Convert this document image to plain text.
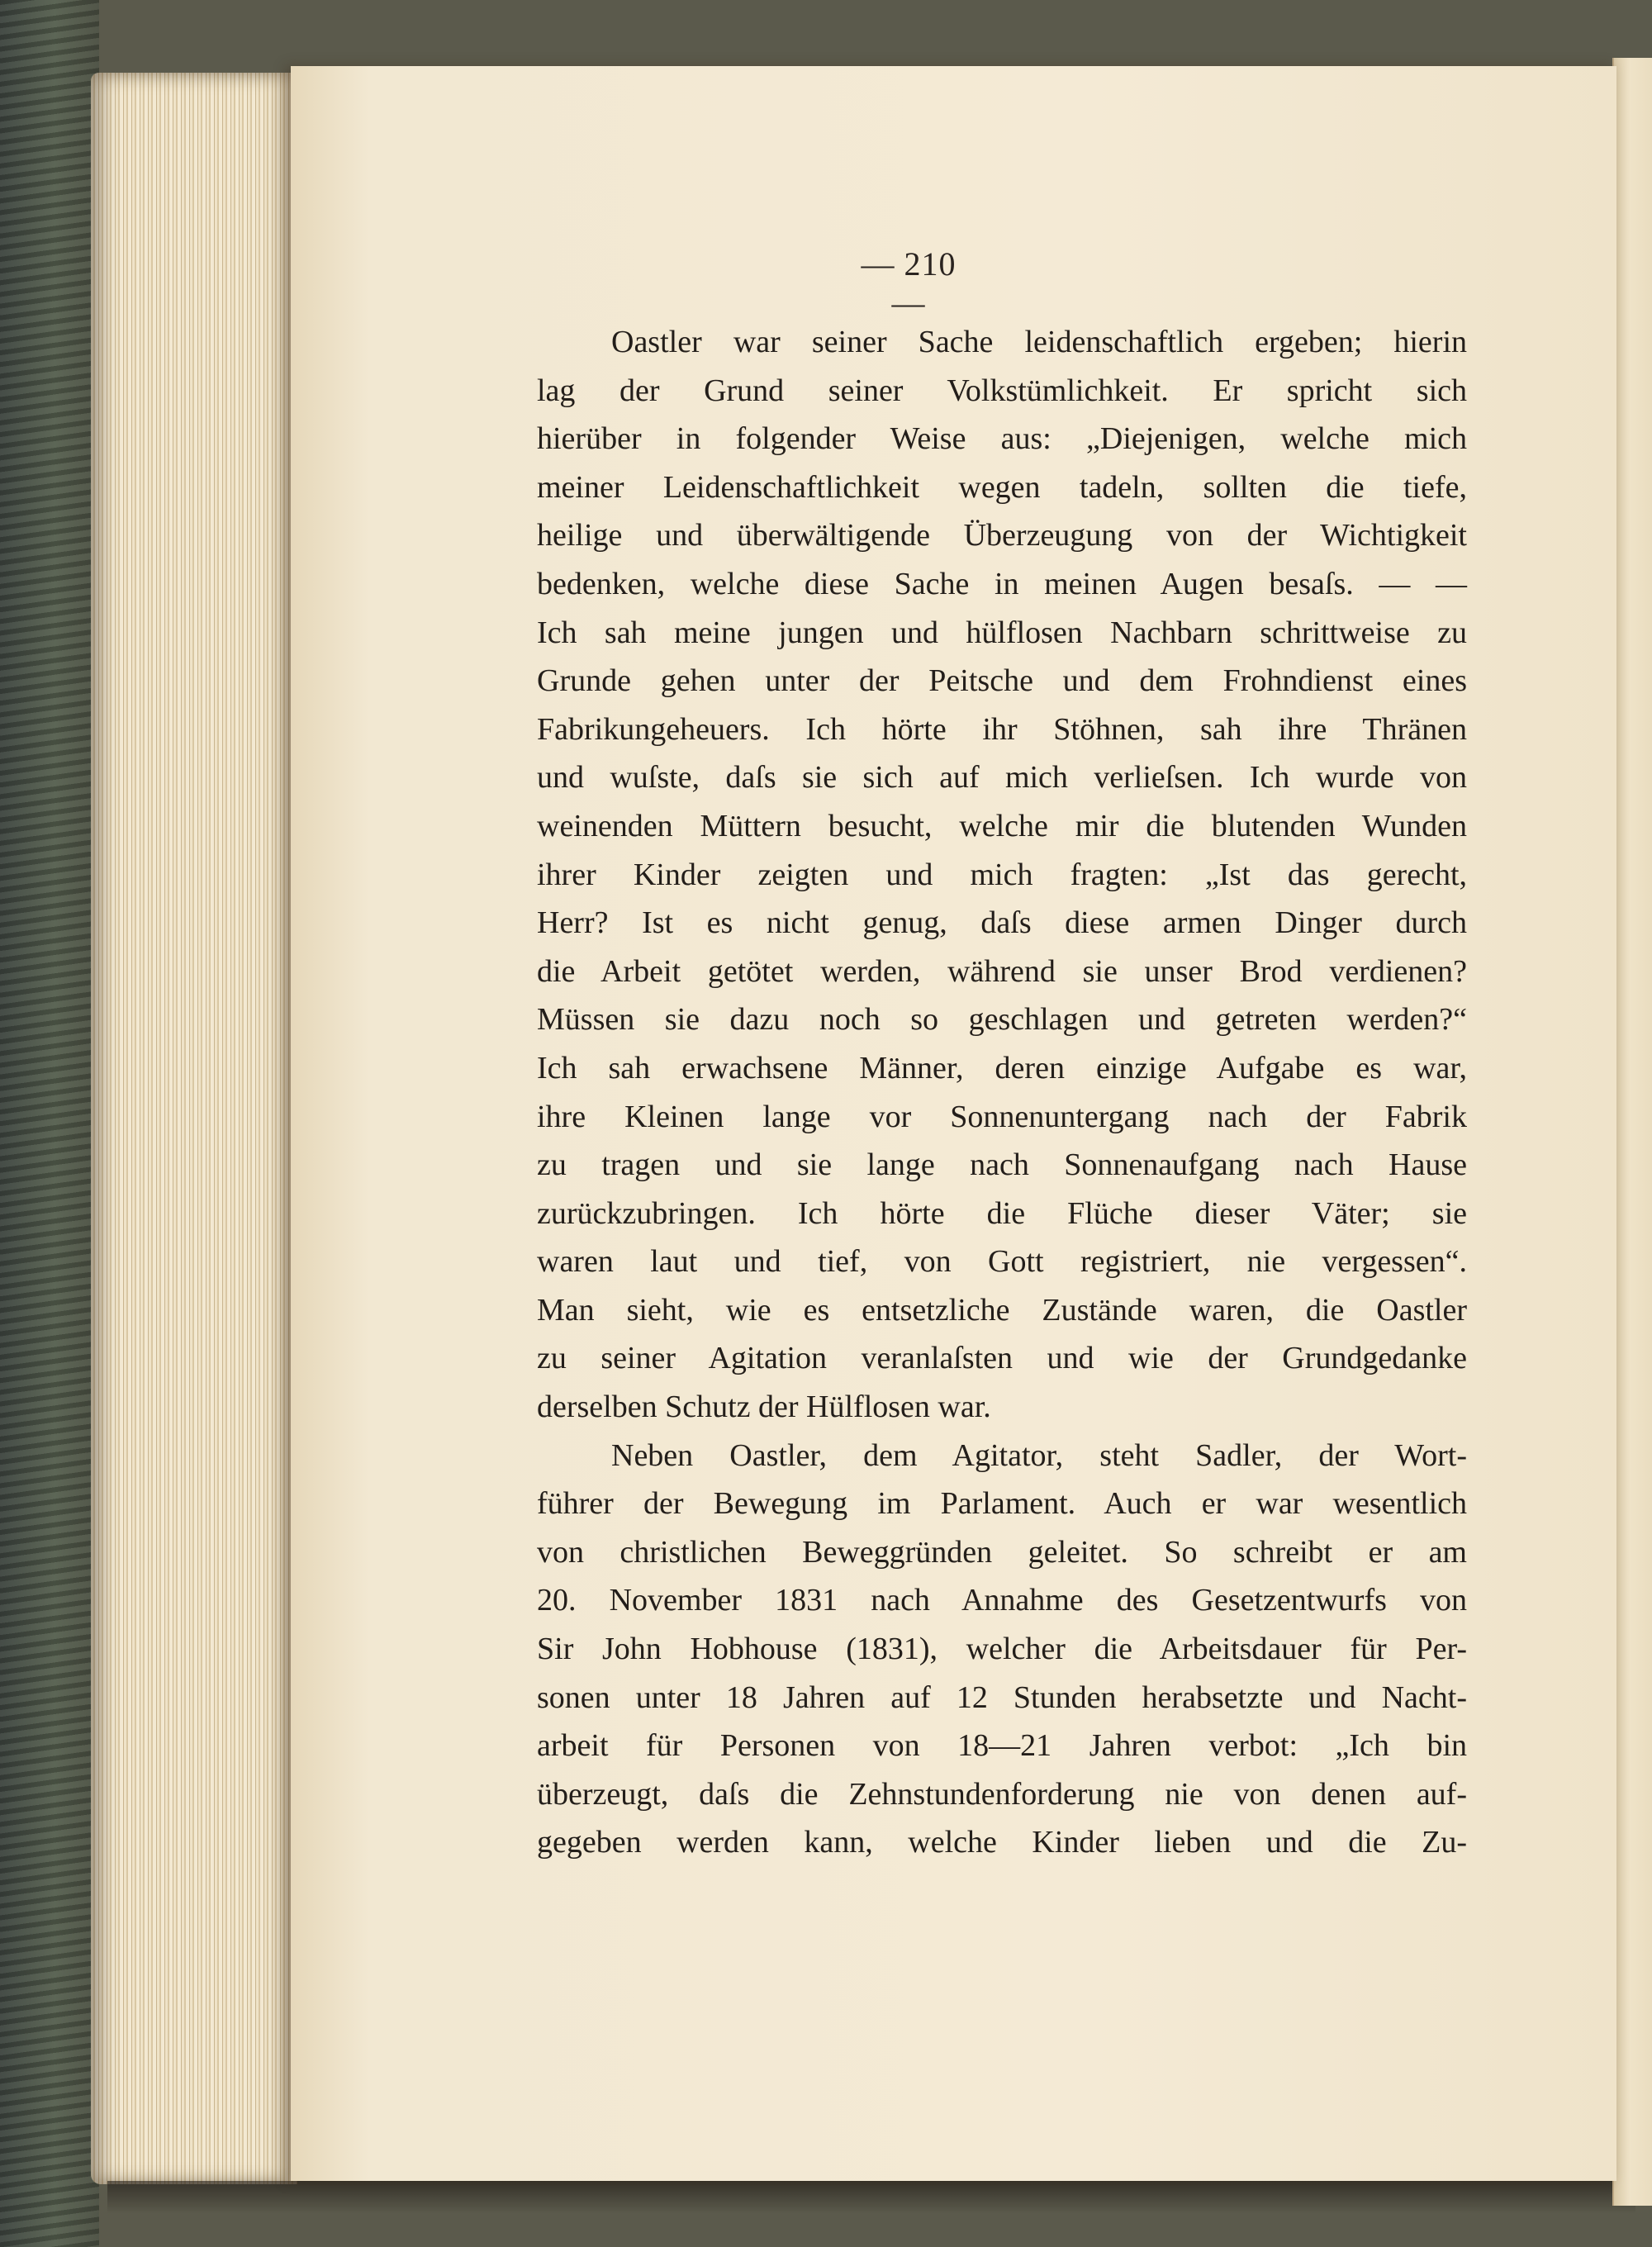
— 210 —
Oastler war seiner Sache leidenschaftlich ergeben; hierin
lag der Grund seiner Volkstümlichkeit. Er spricht sich
hierüber in folgender Weise aus: „Diejenigen, welche mich
meiner Leidenschaftlichkeit wegen tadeln, sollten die tiefe,
heilige und überwältigende Überzeugung von der Wichtigkeit
bedenken, welche diese Sache in meinen Augen besaſs. — —
Ich sah meine jungen und hülflosen Nachbarn schrittweise zu
Grunde gehen unter der Peitsche und dem Frohndienst eines
Fabrikungeheuers. Ich hörte ihr Stöhnen, sah ihre Thränen
und wuſste, daſs sie sich auf mich verlieſsen. Ich wurde von
weinenden Müttern besucht, welche mir die blutenden Wunden
ihrer Kinder zeigten und mich fragten: „Ist das gerecht,
Herr? Ist es nicht genug, daſs diese armen Dinger durch
die Arbeit getötet werden, während sie unser Brod verdienen?
Müssen sie dazu noch so geschlagen und getreten werden?“
Ich sah erwachsene Männer, deren einzige Aufgabe es war,
ihre Kleinen lange vor Sonnenuntergang nach der Fabrik
zu tragen und sie lange nach Sonnenaufgang nach Hause
zurückzubringen. Ich hörte die Flüche dieser Väter; sie
waren laut und tief, von Gott registriert, nie vergessen“.
Man sieht, wie es entsetzliche Zustände waren, die Oastler
zu seiner Agitation veranlaſsten und wie der Grundgedanke
derselben Schutz der Hülflosen war.
Neben Oastler, dem Agitator, steht Sadler, der Wort-
führer der Bewegung im Parlament. Auch er war wesentlich
von christlichen Beweggründen geleitet. So schreibt er am
20. November 1831 nach Annahme des Gesetzentwurfs von
Sir John Hobhouse (1831), welcher die Arbeitsdauer für Per-
sonen unter 18 Jahren auf 12 Stunden herabsetzte und Nacht-
arbeit für Personen von 18—21 Jahren verbot: „Ich bin
überzeugt, daſs die Zehnstundenforderung nie von denen auf-
gegeben werden kann, welche Kinder lieben und die Zu-
